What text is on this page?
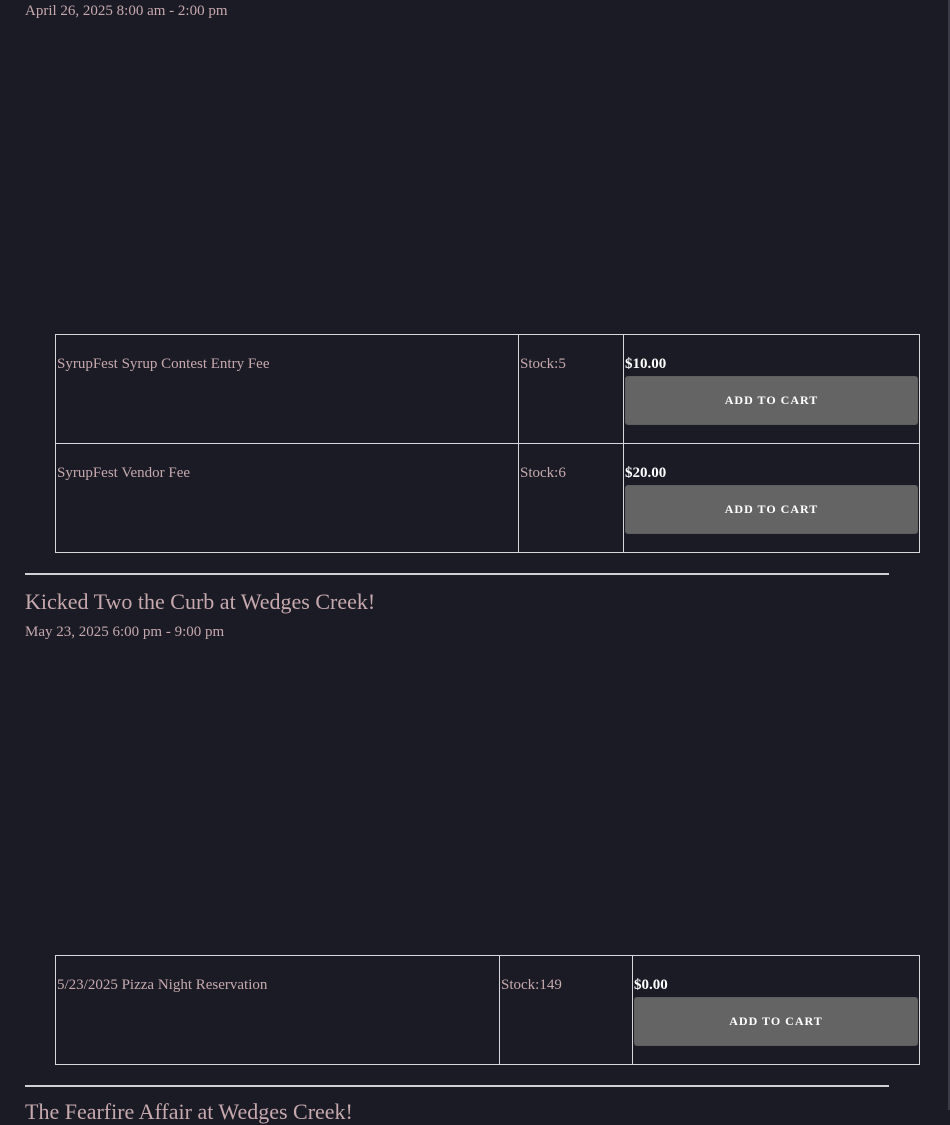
April 26, 2025 8:00 am - 2:00 pm
SyrupFest Syrup Contest Entry Fee	Stock:5	$10.00
ADD TO CART

SyrupFest Vendor Fee	Stock:6	$20.00
ADD TO CART
Kicked Two the Curb at Wedges Creek!
May 23, 2025 6:00 pm - 9:00 pm
5/23/2025 Pizza Night Reservation	Stock:149	$0.00
ADD TO CART
The Fearfire Affair at Wedges Creek!
